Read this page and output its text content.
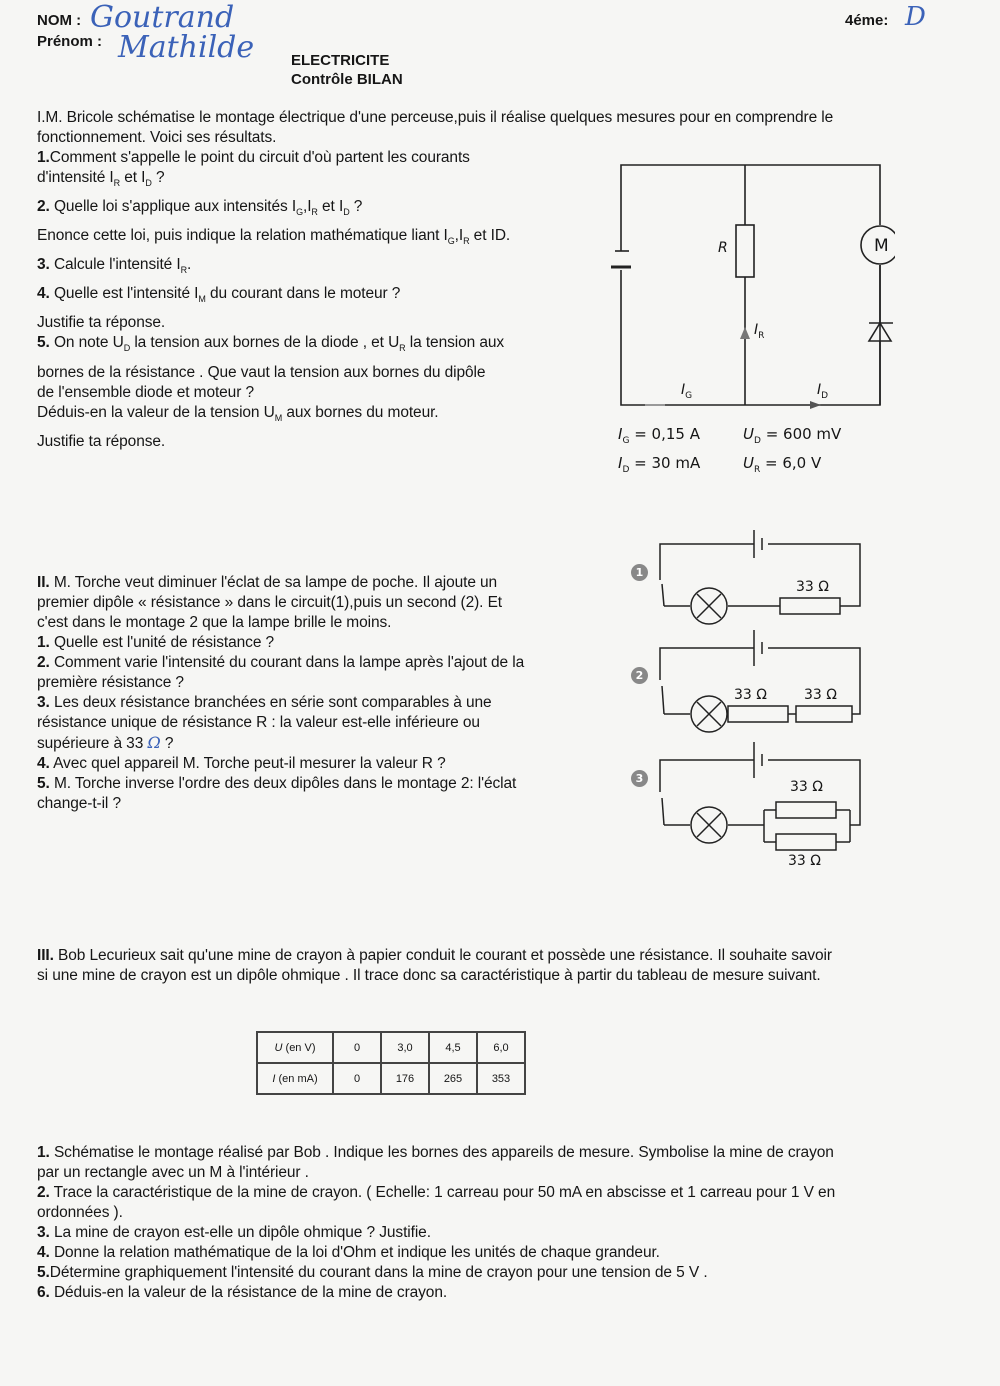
NOM : Goutrand
Prénom : Mathilde
4éme: D
ELECTRICITE
Contrôle BILAN
I.M. Bricole schématise le montage électrique d'une perceuse,puis il réalise quelques mesures pour en comprendre le
fonctionnement. Voici ses résultats.
1.Comment s'appelle le point du circuit d'où partent les courants
d'intensité $I_R$ et $I_D$ ?
2. Quelle loi s'applique aux intensités $I_G,I_R$ et $I_D$ ?
Enonce cette loi, puis indique la relation mathématique liant $I_G,I_R$ et ID.
3. Calcule l'intensité $I_R$.
4. Quelle est l'intensité $I_M$ du courant dans le moteur ?
Justifie ta réponse.
5. On note $U_D$ la tension aux bornes de la diode , et $U_R$ la tension aux
bornes de la résistance . Que vaut la tension aux bornes du dipôle
de l'ensemble diode et moteur ?
Déduis-en la valeur de la tension $U_M$ aux bornes du moteur.
Justifie ta réponse.
R	M
$I_R$
$I_G$	$I_D$
$I_G = 0,15$ A	$U_D = 600$ mV
$I_D = 30$ mA	$U_R = 6,0$ V
II. M. Torche veut diminuer l'éclat de sa lampe de poche. Il ajoute un
premier dipôle « résistance » dans le circuit(1),puis un second (2). Et
c'est dans le montage 2 que la lampe brille le moins.
1. Quelle est l'unité de résistance ?
2. Comment varie l'intensité du courant dans la lampe après l'ajout de la
première résistance ?
3. Les deux résistance branchées en série sont comparables à une
résistance unique de résistance R : la valeur est-elle inférieure ou
supérieure à 33 Ω ?
4. Avec quel appareil M. Torche peut-il mesurer la valeur R ?
5. M. Torche inverse l'ordre des deux dipôles dans le montage 2: l'éclat
change-t-il ?
1
2
3
33 Ω
33 Ω	33 Ω
33 Ω
33 Ω
III. Bob Lecurieux sait qu'une mine de crayon à papier conduit le courant et possède une résistance. Il souhaite savoir
si une mine de crayon est un dipôle ohmique . Il trace donc sa caractéristique à partir du tableau de mesure suivant.
U (en V)	0	3,0	4,5	6,0
I (en mA)	0	176	265	353
1. Schématise le montage réalisé par Bob . Indique les bornes des appareils de mesure. Symbolise la mine de crayon
par un rectangle avec un M à l'intérieur .
2. Trace la caractéristique de la mine de crayon. ( Echelle: 1 carreau pour 50 mA en abscisse et 1 carreau pour 1 V en
ordonnées ).
3. La mine de crayon est-elle un dipôle ohmique ? Justifie.
4. Donne la relation mathématique de la loi d'Ohm et indique les unités de chaque grandeur.
5.Détermine graphiquement l'intensité du courant dans la mine de crayon pour une tension de 5 V .
6. Déduis-en la valeur de la résistance de la mine de crayon.
